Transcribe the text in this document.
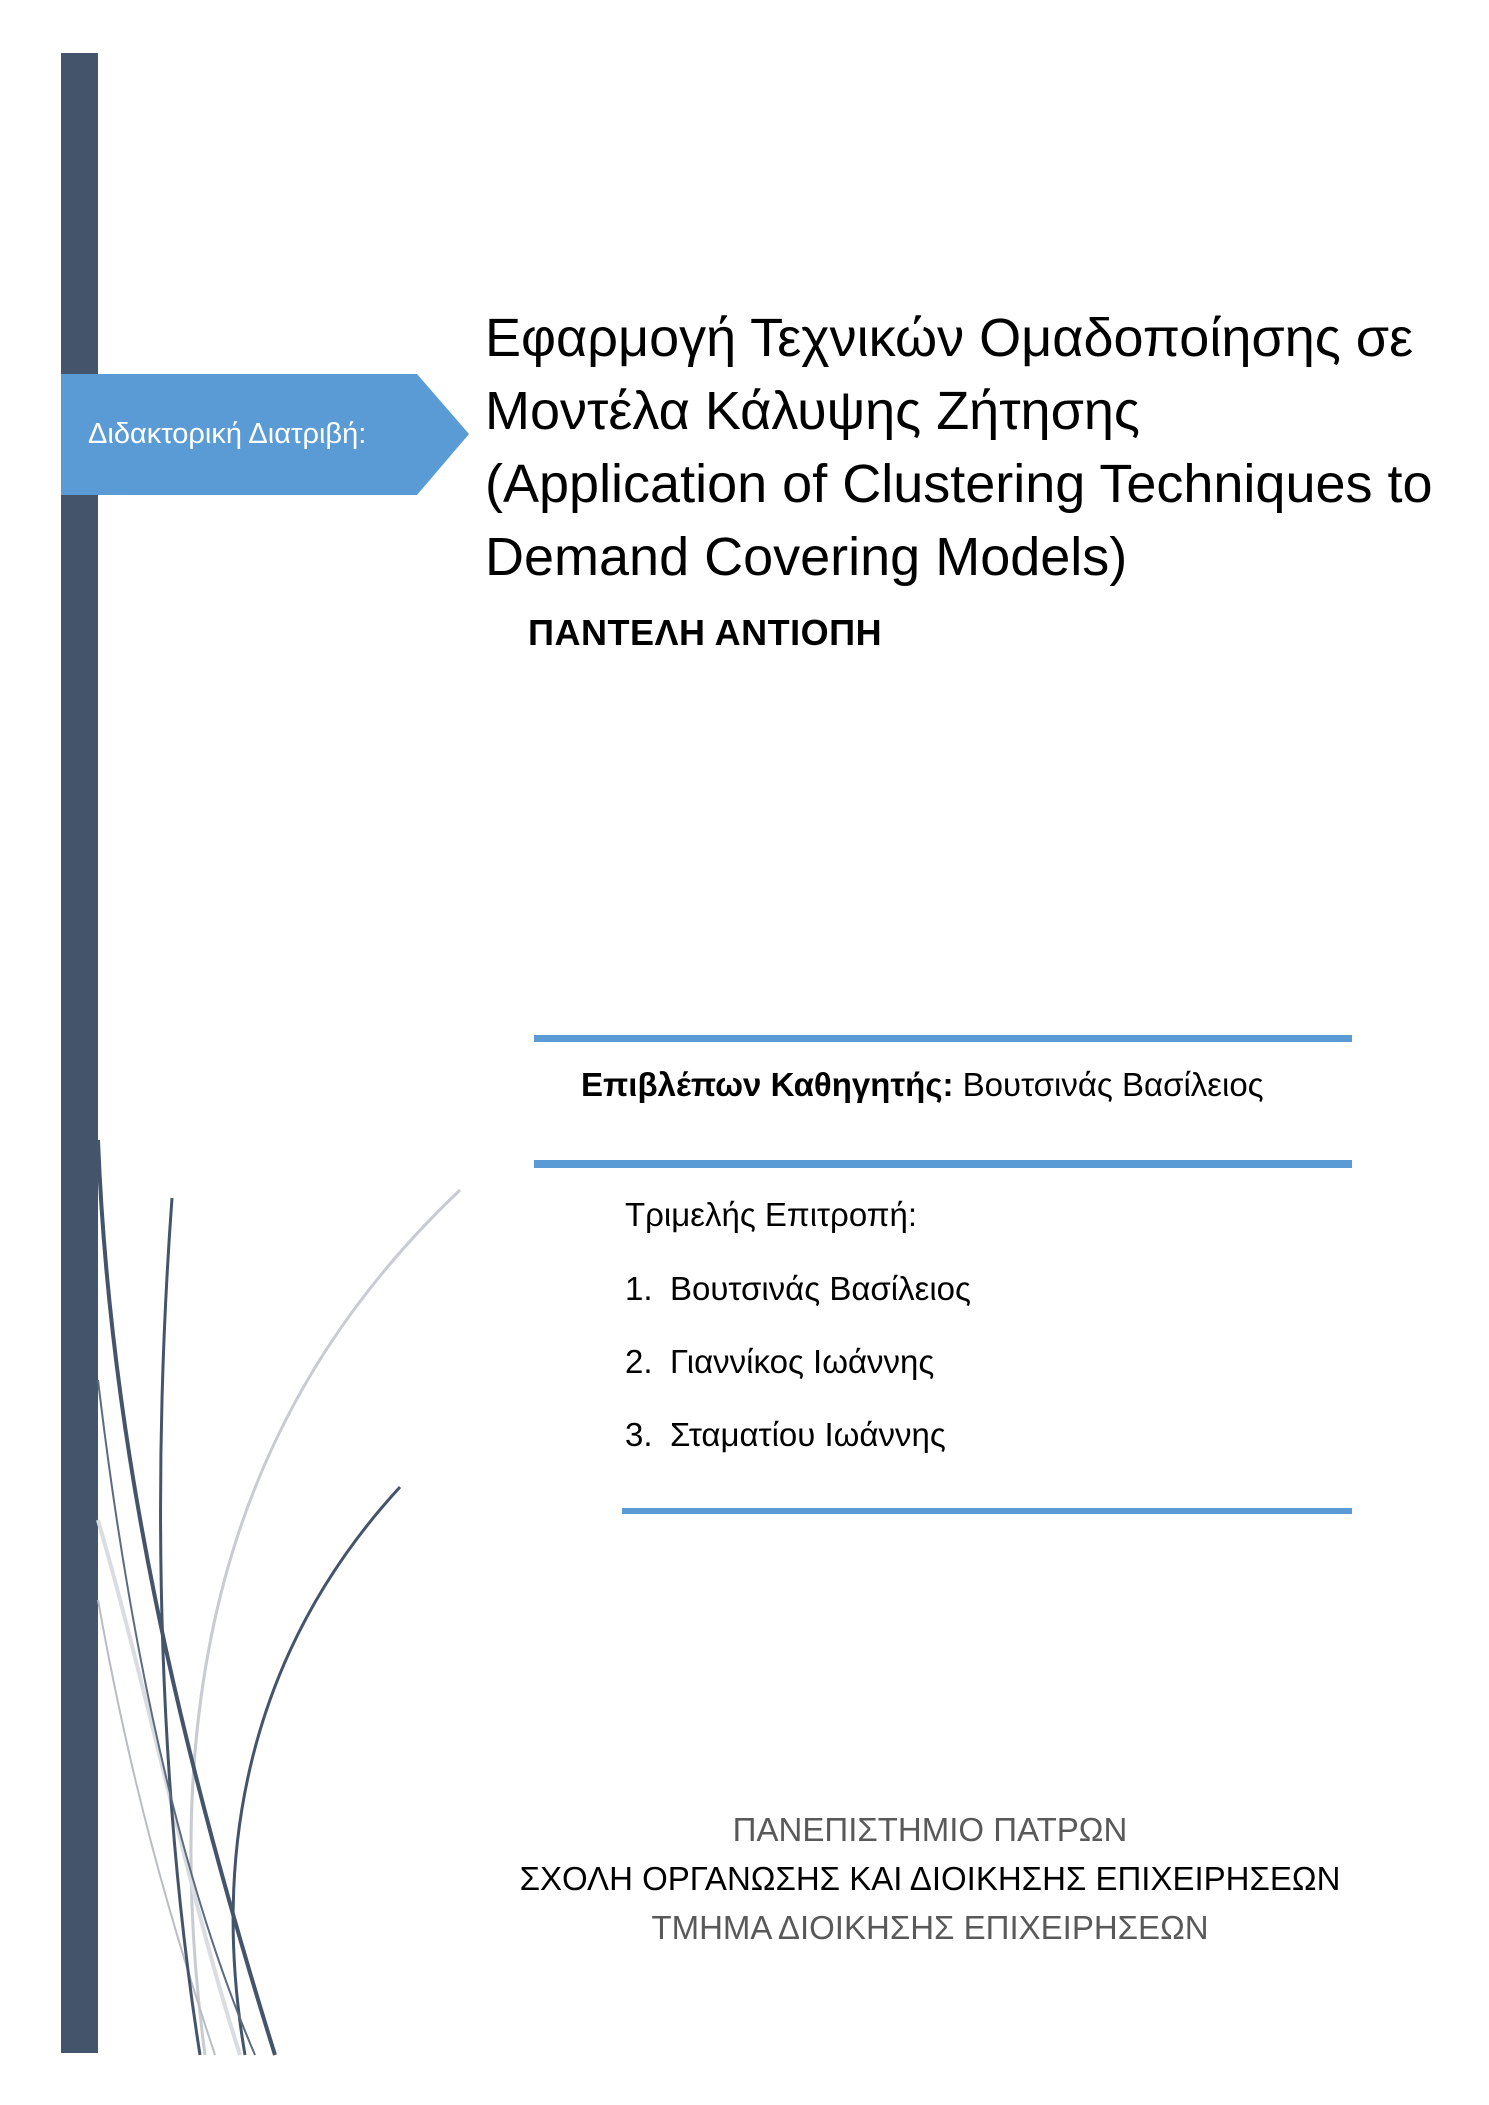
Διδακτορική Διατριβή:
Εφαρμογή Τεχνικών Ομαδοποίησης σε
Μοντέλα Κάλυψης Ζήτησης
(Application of Clustering Techniques to
Demand Covering Models)
ΠΑΝΤΕΛΗ ΑΝΤΙΟΠΗ
Επιβλέπων Καθηγητής: Βουτσινάς Βασίλειος
Τριμελής Επιτροπή:
1. Βουτσινάς Βασίλειος
2. Γιαννίκος Ιωάννης
3. Σταματίου Ιωάννης
ΠΑΝΕΠΙΣΤΗΜΙΟ ΠΑΤΡΩΝ
ΣΧΟΛΗ ΟΡΓΑΝΩΣΗΣ ΚΑΙ ΔΙΟΙΚΗΣΗΣ ΕΠΙΧΕΙΡΗΣΕΩΝ
ΤΜΗΜΑ ΔΙΟΙΚΗΣΗΣ ΕΠΙΧΕΙΡΗΣΕΩΝ
